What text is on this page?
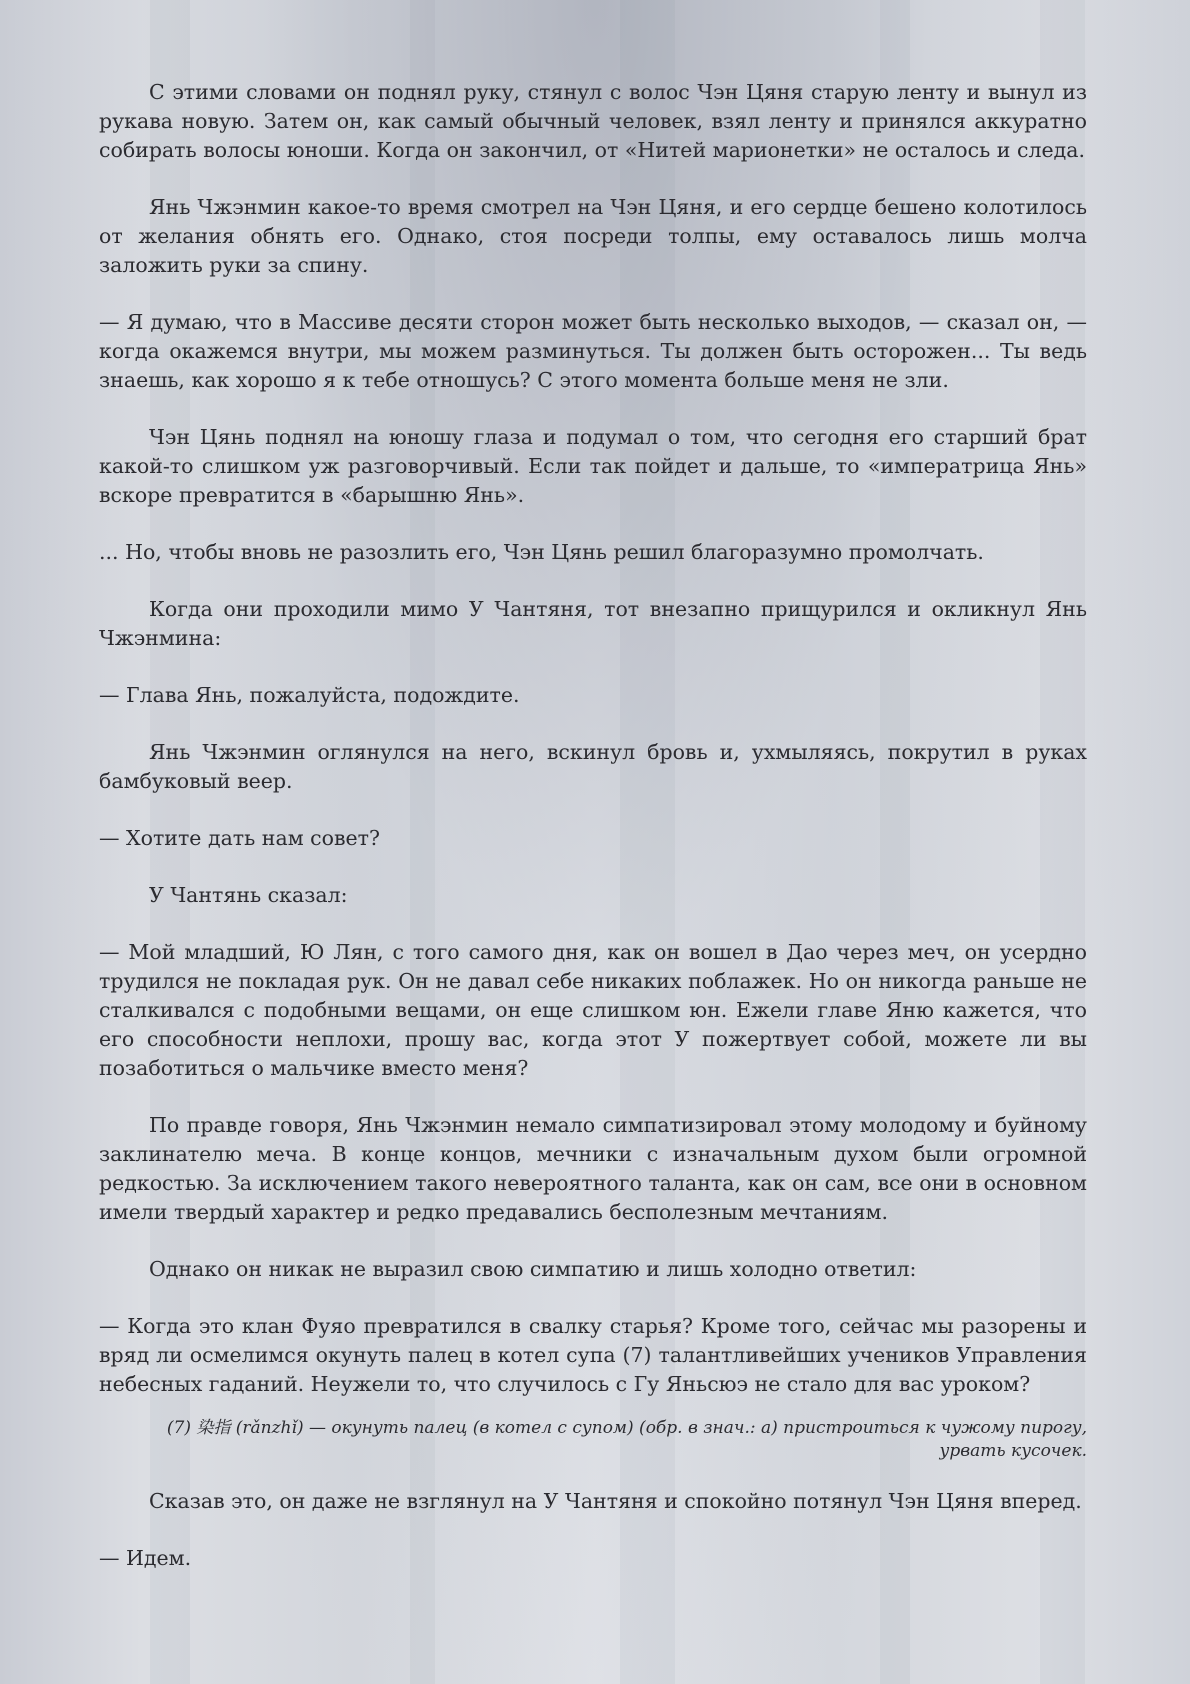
С этими словами он поднял руку, стянул с волос Чэн Цяня старую ленту и вынул из рукава новую. Затем он, как самый обычный человек, взял ленту и принялся аккуратно собирать волосы юноши. Когда он закончил, от «Нитей марионетки» не осталось и следа.

Янь Чжэнмин какое-то время смотрел на Чэн Цяня, и его сердце бешено колотилось от желания обнять его. Однако, стоя посреди толпы, ему оставалось лишь молча заложить руки за спину.

— Я думаю, что в Массиве десяти сторон может быть несколько выходов, — сказал он, — когда окажемся внутри, мы можем разминуться. Ты должен быть осторожен... Ты ведь знаешь, как хорошо я к тебе отношусь? С этого момента больше меня не зли.

Чэн Цянь поднял на юношу глаза и подумал о том, что сегодня его старший брат какой-то слишком уж разговорчивый. Если так пойдет и дальше, то «императрица Янь» вскоре превратится в «барышню Янь».

... Но, чтобы вновь не разозлить его, Чэн Цянь решил благоразумно промолчать.

Когда они проходили мимо У Чантяня, тот внезапно прищурился и окликнул Янь Чжэнмина:

— Глава Янь, пожалуйста, подождите.

Янь Чжэнмин оглянулся на него, вскинул бровь и, ухмыляясь, покрутил в руках бамбуковый веер.

— Хотите дать нам совет?

У Чантянь сказал:

— Мой младший, Ю Лян, с того самого дня, как он вошел в Дао через меч, он усердно трудился не покладая рук. Он не давал себе никаких поблажек. Но он никогда раньше не сталкивался с подобными вещами, он еще слишком юн. Ежели главе Яню кажется, что его способности неплохи, прошу вас, когда этот У пожертвует собой, можете ли вы позаботиться о мальчике вместо меня?

По правде говоря, Янь Чжэнмин немало симпатизировал этому молодому и буйному заклинателю меча. В конце концов, мечники с изначальным духом были огромной редкостью. За исключением такого невероятного таланта, как он сам, все они в основном имели твердый характер и редко предавались бесполезным мечтаниям.

Однако он никак не выразил свою симпатию и лишь холодно ответил:

— Когда это клан Фуяо превратился в свалку старья? Кроме того, сейчас мы разорены и вряд ли осмелимся окунуть палец в котел супа (7) талантливейших учеников Управления небесных гаданий. Неужели то, что случилось с Гу Яньсюэ не стало для вас уроком?

(7) 染指 (rǎnzhǐ) — окунуть палец (в котел с супом) (обр. в знач.: а) пристроиться к чужому пирогу, урвать кусочек.

Сказав это, он даже не взглянул на У Чантяня и спокойно потянул Чэн Цяня вперед.

— Идем.
